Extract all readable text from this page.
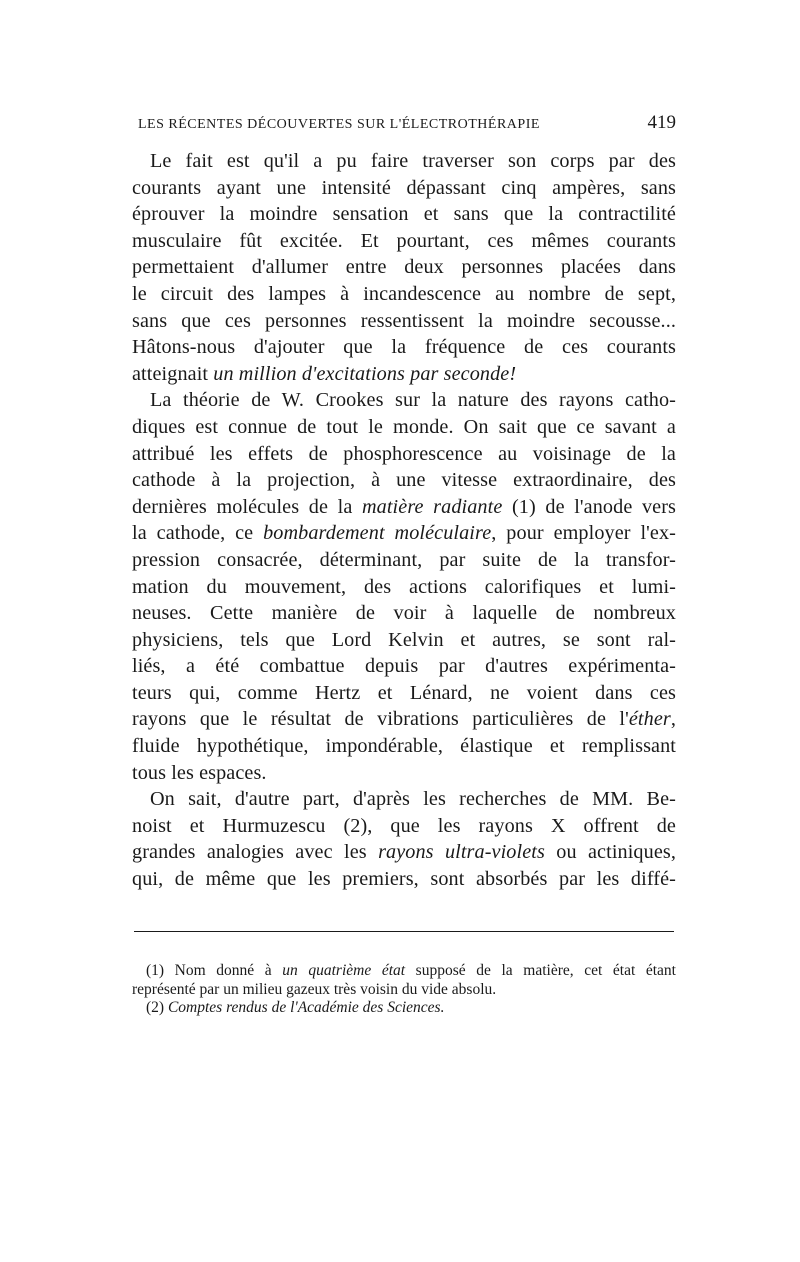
LES RÉCENTES DÉCOUVERTES SUR L'ÉLECTROTHÉRAPIE	419
Le fait est qu'il a pu faire traverser son corps par des
courants ayant une intensité dépassant cinq ampères, sans
éprouver la moindre sensation et sans que la contractilité
musculaire fût excitée. Et pourtant, ces mêmes courants
permettaient d'allumer entre deux personnes placées dans
le circuit des lampes à incandescence au nombre de sept,
sans que ces personnes ressentissent la moindre secousse...
Hâtons-nous d'ajouter que la fréquence de ces courants
atteignait un million d'excitations par seconde!
La théorie de W. Crookes sur la nature des rayons catho-
diques est connue de tout le monde. On sait que ce savant a
attribué les effets de phosphorescence au voisinage de la
cathode à la projection, à une vitesse extraordinaire, des
dernières molécules de la matière radiante (1) de l'anode vers
la cathode, ce bombardement moléculaire, pour employer l'ex-
pression consacrée, déterminant, par suite de la transfor-
mation du mouvement, des actions calorifiques et lumi-
neuses. Cette manière de voir à laquelle de nombreux
physiciens, tels que Lord Kelvin et autres, se sont ral-
liés, a été combattue depuis par d'autres expérimenta-
teurs qui, comme Hertz et Lénard, ne voient dans ces
rayons que le résultat de vibrations particulières de l'éther,
fluide hypothétique, impondérable, élastique et remplissant
tous les espaces.
On sait, d'autre part, d'après les recherches de MM. Be-
noist et Hurmuzescu (2), que les rayons X offrent de
grandes analogies avec les rayons ultra-violets ou actiniques,
qui, de même que les premiers, sont absorbés par les diffé-
(1) Nom donné à un quatrième état supposé de la matière, cet état étant
représenté par un milieu gazeux très voisin du vide absolu.
(2) Comptes rendus de l'Académie des Sciences.
